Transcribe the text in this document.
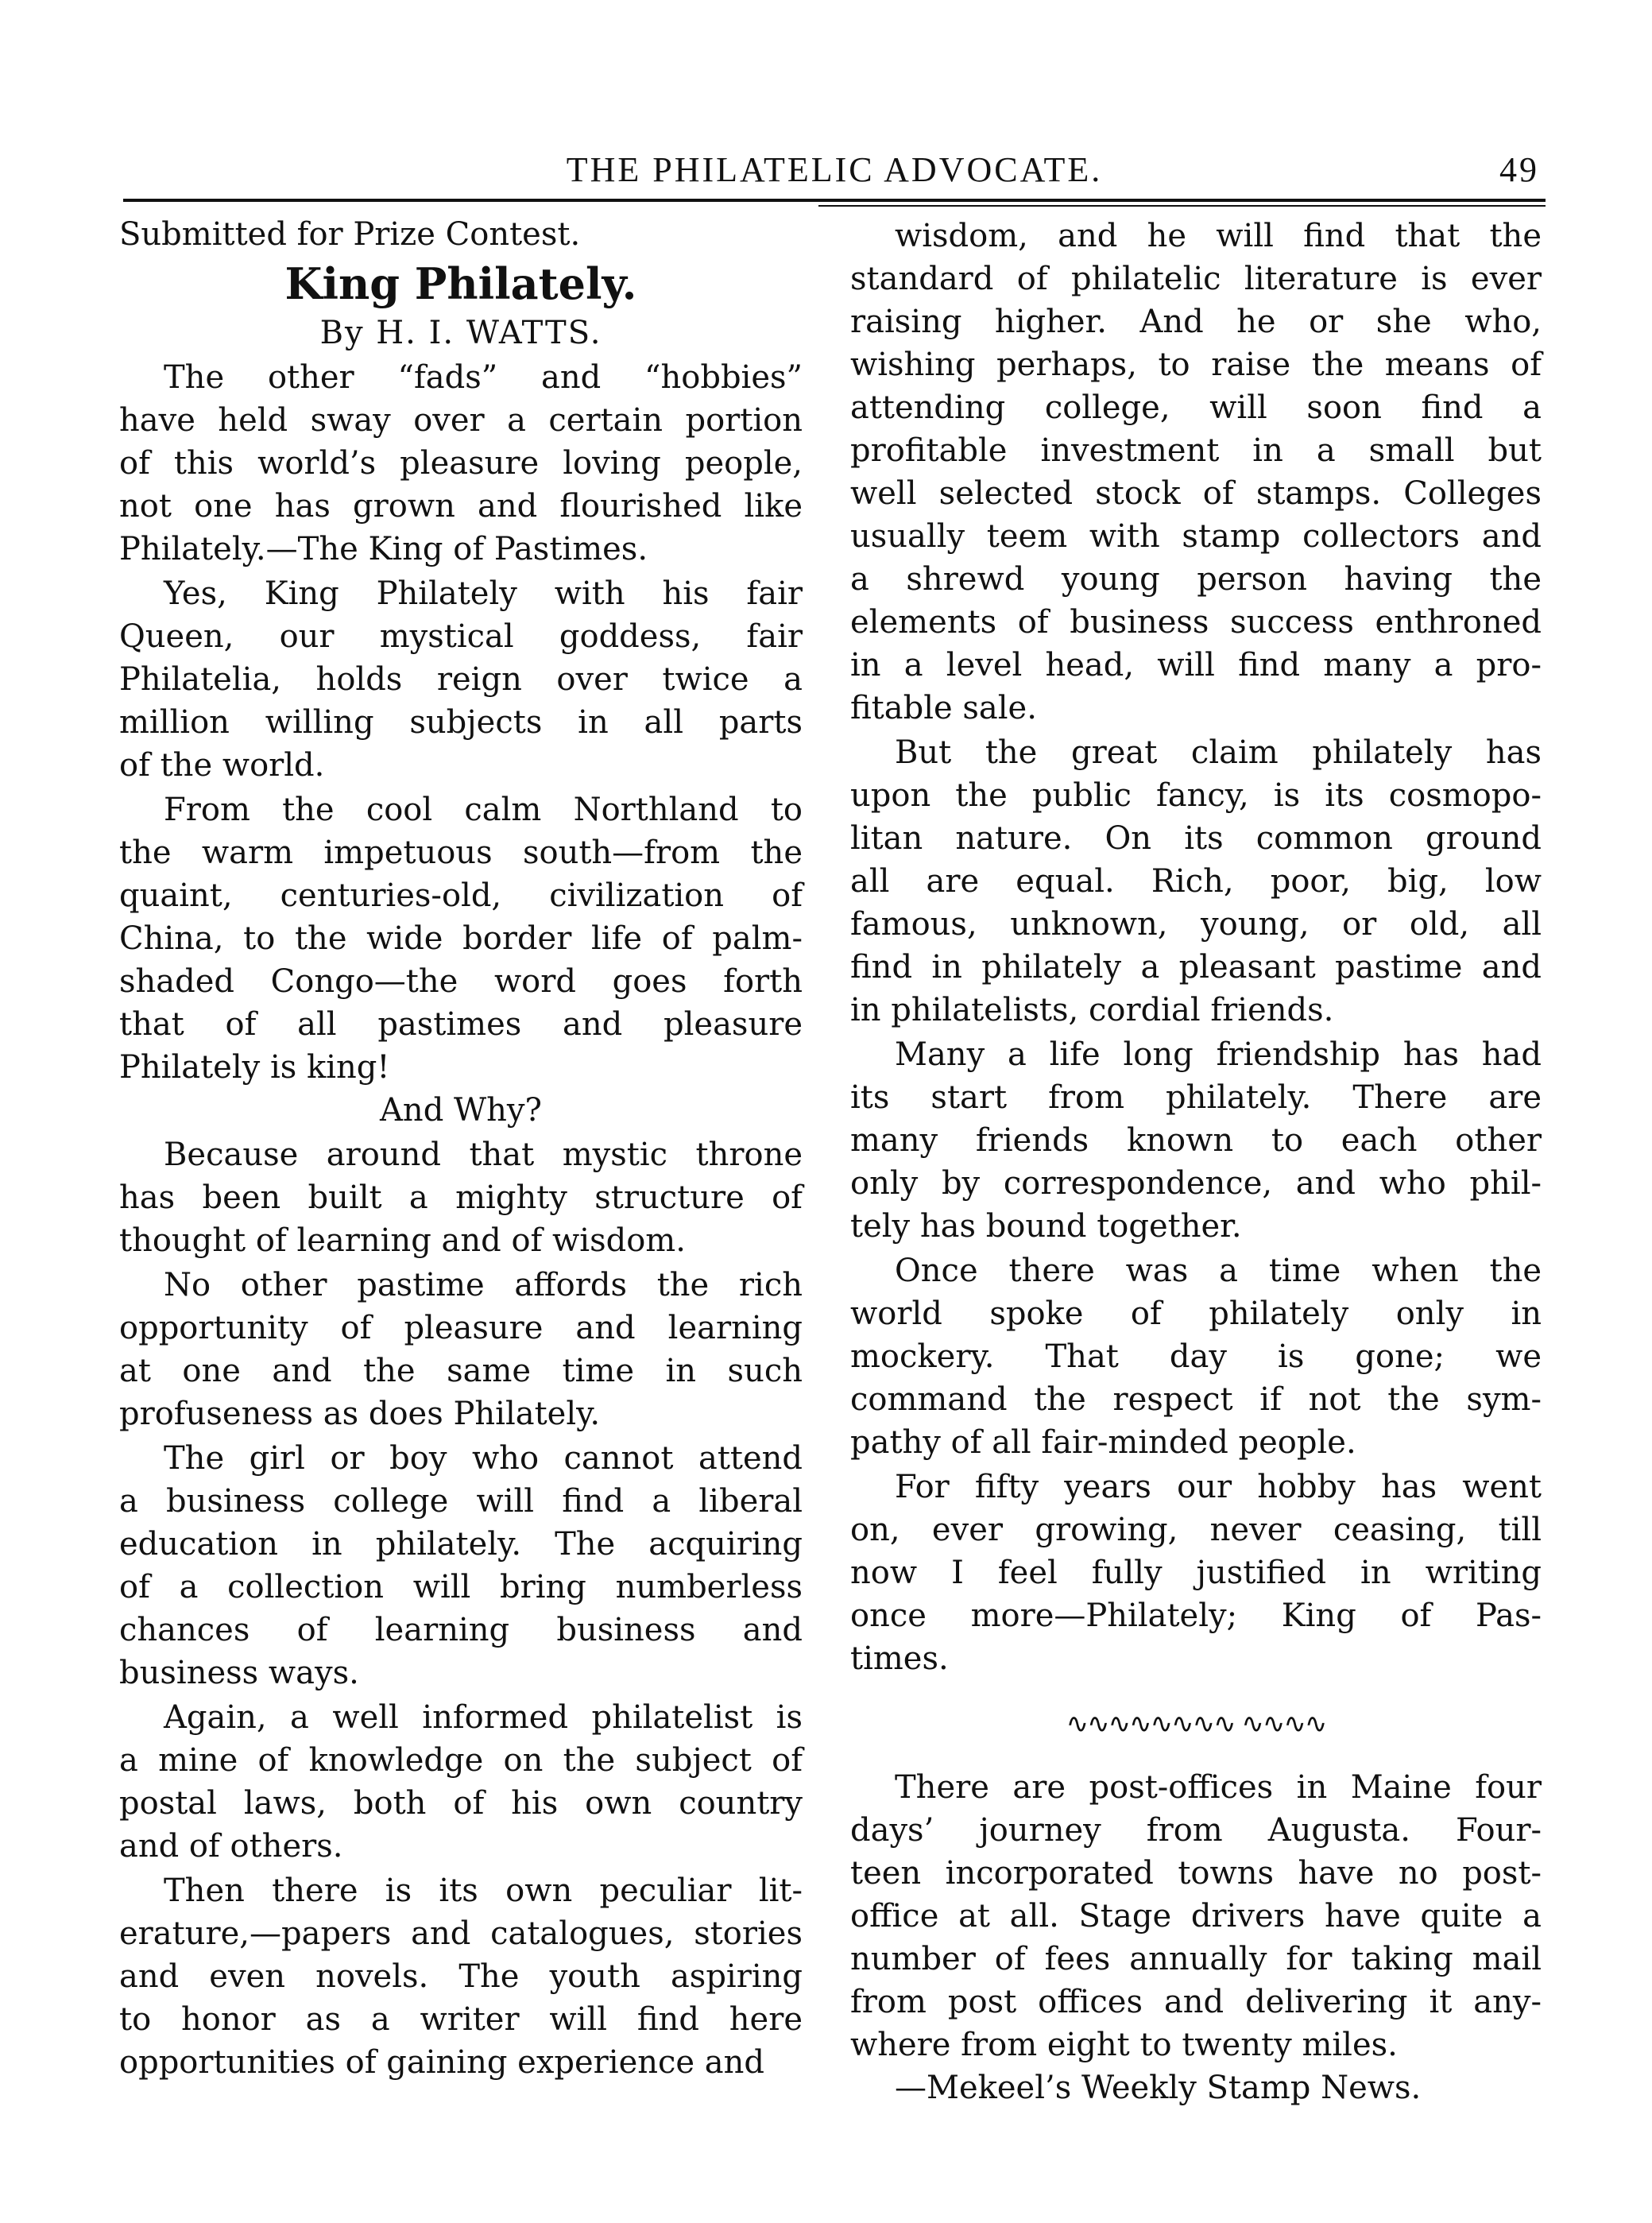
THE PHILATELIC ADVOCATE.	49
Submitted for Prize Contest.
King Philately.
By H. I. WATTS.
The other “fads” and “hobbies”
have held sway over a certain portion
of this world’s pleasure loving people,
not one has grown and flourished like
Philately.—The King of Pastimes.
Yes, King Philately with his fair
Queen, our mystical goddess, fair
Philatelia, holds reign over twice a
million willing subjects in all parts
of the world.
From the cool calm Northland to
the warm impetuous south—from the
quaint, centuries-old, civilization of
China, to the wide border life of palm-
shaded Congo—the word goes forth
that of all pastimes and pleasure
Philately is king!
And Why?
Because around that mystic throne
has been built a mighty structure of
thought of learning and of wisdom.
No other pastime affords the rich
opportunity of pleasure and learning
at one and the same time in such
profuseness as does Philately.
The girl or boy who cannot attend
a business college will find a liberal
education in philately. The acquiring
of a collection will bring numberless
chances of learning business and
business ways.
Again, a well informed philatelist is
a mine of knowledge on the subject of
postal laws, both of his own country
and of others.
Then there is its own peculiar lit-
erature,—papers and catalogues, stories
and even novels. The youth aspiring
to honor as a writer will find here
opportunities of gaining experience and
wisdom, and he will find that the
standard of philatelic literature is ever
raising higher. And he or she who,
wishing perhaps, to raise the means of
attending college, will soon find a
profitable investment in a small but
well selected stock of stamps. Colleges
usually teem with stamp collectors and
a shrewd young person having the
elements of business success enthroned
in a level head, will find many a pro-
fitable sale.
But the great claim philately has
upon the public fancy, is its cosmopo-
litan nature. On its common ground
all are equal. Rich, poor, big, low
famous, unknown, young, or old, all
find in philately a pleasant pastime and
in philatelists, cordial friends.
Many a life long friendship has had
its start from philately. There are
many friends known to each other
only by correspondence, and who phil-
tely has bound together.
Once there was a time when the
world spoke of philately only in
mockery. That day is gone; we
command the respect if not the sym-
pathy of all fair-minded people.
For fifty years our hobby has went
on, ever growing, never ceasing, till
now I feel fully justified in writing
once more—Philately; King of Pas-
times.
∿∿∿∿∿∿∿∿ ∿∿∿∿
There are post-offices in Maine four
days’ journey from Augusta. Four-
teen incorporated towns have no post-
office at all. Stage drivers have quite a
number of fees annually for taking mail
from post offices and delivering it any-
where from eight to twenty miles.
—Mekeel’s Weekly Stamp News.
